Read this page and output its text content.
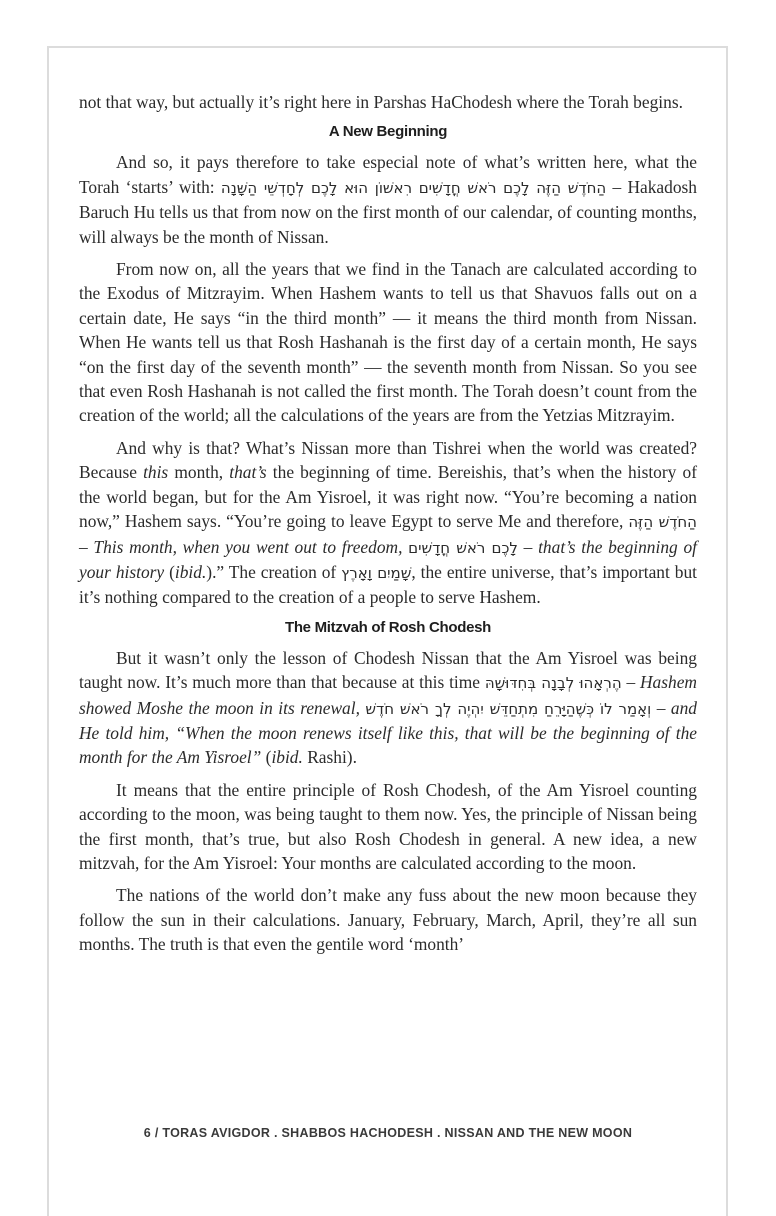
not that way, but actually it’s right here in Parshas HaChodesh where the Torah begins.

A New Beginning

And so, it pays therefore to take especial note of what’s written here, what the Torah ‘starts’ with: הַחֹדֶשׁ הַזֶּה לָכֶם רֹאשׁ חֳדָשִׁים רִאשׁוֹן הוּא לָכֶם לְחָדְשֵׁי הַשָּׁנָה – Hakadosh Baruch Hu tells us that from now on the first month of our calendar, of counting months, will always be the month of Nissan.

From now on, all the years that we find in the Tanach are calculated according to the Exodus of Mitzrayim. When Hashem wants to tell us that Shavuos falls out on a certain date, He says “in the third month” — it means the third month from Nissan. When He wants tell us that Rosh Hashanah is the first day of a certain month, He says “on the first day of the seventh month” — the seventh month from Nissan. So you see that even Rosh Hashanah is not called the first month. The Torah doesn’t count from the creation of the world; all the calculations of the years are from the Yetzias Mitzrayim.

And why is that? What’s Nissan more than Tishrei when the world was created? Because this month, that’s the beginning of time. Bereishis, that’s when the history of the world began, but for the Am Yisroel, it was right now. “You’re becoming a nation now,” Hashem says. “You’re going to leave Egypt to serve Me and therefore, הַחֹדֶשׁ הַזֶּה – This month, when you went out to freedom, לָכֶם רֹאשׁ חֳדָשִׁים – that’s the beginning of your history (ibid.).” The creation of שָׁמַיִם וָאָרֶץ, the entire universe, that’s important but it’s nothing compared to the creation of a people to serve Hashem.

The Mitzvah of Rosh Chodesh

But it wasn’t only the lesson of Chodesh Nissan that the Am Yisroel was being taught now. It’s much more than that because at this time הֶרְאָהוּ לְבָנָה בְּחִדּוּשָׁהּ – Hashem showed Moshe the moon in its renewal, וְאָמַר לוֹ כְּשֶׁהַיָּרֵחַ מִתְחַדֵּשׁ יִהְיֶה לְךָ רֹאשׁ חֹדֶשׁ – and He told him, “When the moon renews itself like this, that will be the beginning of the month for the Am Yisroel” (ibid. Rashi).

It means that the entire principle of Rosh Chodesh, of the Am Yisroel counting according to the moon, was being taught to them now. Yes, the principle of Nissan being the first month, that’s true, but also Rosh Chodesh in general. A new idea, a new mitzvah, for the Am Yisroel: Your months are calculated according to the moon.

The nations of the world don’t make any fuss about the new moon because they follow the sun in their calculations. January, February, March, April, they’re all sun months. The truth is that even the gentile word ‘month’

6 / TORAS AVIGDOR . SHABBOS HACHODESH . NISSAN AND THE NEW MOON
